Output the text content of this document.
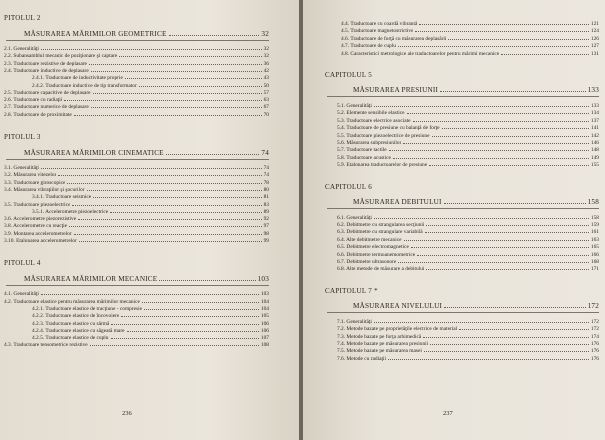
PITOLUL 2
MĂSURAREA MĂRIMILOR GEOMETRICE	32
2.1. Generalităţi	32
2.2. Subansamblul mecanic de poziţionare şi captare	32
2.3. Traductoare rezistive de deplasare	36
2.4. Traductoare inductive de deplasare	42
2.4.1. Traductoare de inductivitate proprie	43
2.4.2. Traductoare inductive de tip transformator	50
2.5. Traductoare capacitive de deplasare	57
2.6. Traductoare cu radiaţii	63
2.7. Traductoare numerice de deplasare	67
2.8. Traductoare de proximitate	70
PITOLUL 3
MĂSURAREA MĂRIMILOR CINEMATICE	74
3.1. Generalităţi	74
3.2. Măsurarea vitezelor	74
3.3. Traductoare giroscopice	78
3.4. Măsurarea vibraţiilor şi şocurilor	80
3.4.1. Traductoare seismice	81
3.5. Traductoare piezoelectrice	83
3.5.1. Accelerometre piezoelectrice	89
3.6. Accelerometre piezorezistive	92
3.8. Accelerometre cu reacţie	97
3.9. Montarea accelerometrelor	98
3.10. Etalonarea accelerometrelor	99
PITOLUL 4
MĂSURAREA MĂRIMILOR MECANICE	103
4.1. Generalităţi	103
4.2. Traductoare elastice pentru măsurarea mărimilor mecanice	104
4.2.1. Traductoare elastice de tracţiune - compresie	104
4.2.2. Traductoare elastice de încovoiere	105
4.2.3. Traductoare elastice cu sârmă	106
4.2.4. Traductoare elastice cu săgeată mare	106
4.2.5. Traductoare elastice de cuplu	107
4.3. Traductoare tensometrice rezistive	108
236
4.4. Traductoare cu coardă vibrantă	121
4.5. Traductoare magnetostrictive	124
4.6. Traductoare de forţă cu măsurarea deplasării	126
4.7. Traductoare de cuplu	127
4.8. Caracteristici metrologice ale traductoarelor pentru mărimi mecanice	131
CAPITOLUL 5
MĂSURAREA PRESIUNII	133
5.1. Generalităţi	133
5.2. Elemente sensibile elastice	134
5.3. Traductoare electrice asociate	137
5.4. Traductoare de presiune cu balanţă de forţe	141
5.5. Traductoare piezoelectrice de presiune	142
5.6. Măsurarea subpresiunilor	146
5.7. Traductoare tactile	148
5.8. Traductoare acustice	149
5.9. Etalonarea traductoarelor de presiune	155
CAPITOLUL 6
MĂSURAREA DEBITULUI	158
6.1. Generalităţi	158
6.2. Debitmetre cu strangularea secţiunii	159
6.3. Debitmetre cu strangulare variabilă	161
6.4. Alte debitmetre mecanice	163
6.5. Debitmetre electromagnetice	165
6.6. Debitmetre termoanemometrice	166
6.7. Debitmetre ultrasonore	168
6.8. Alte metode de măsurare a debitului	171
CAPITOLUL 7 *
MĂSURAREA NIVELULUI	172
7.1. Generalităţi	172
7.2. Metode bazate pe proprietăţile electrice de material	172
7.3. Metode bazate pe forţa arhimedică	174
7.4. Metode bazate pe măsurarea presiunii	176
7.5. Metode bazate pe măsurarea masei	176
7.6. Metode cu radiaţii	176
237
